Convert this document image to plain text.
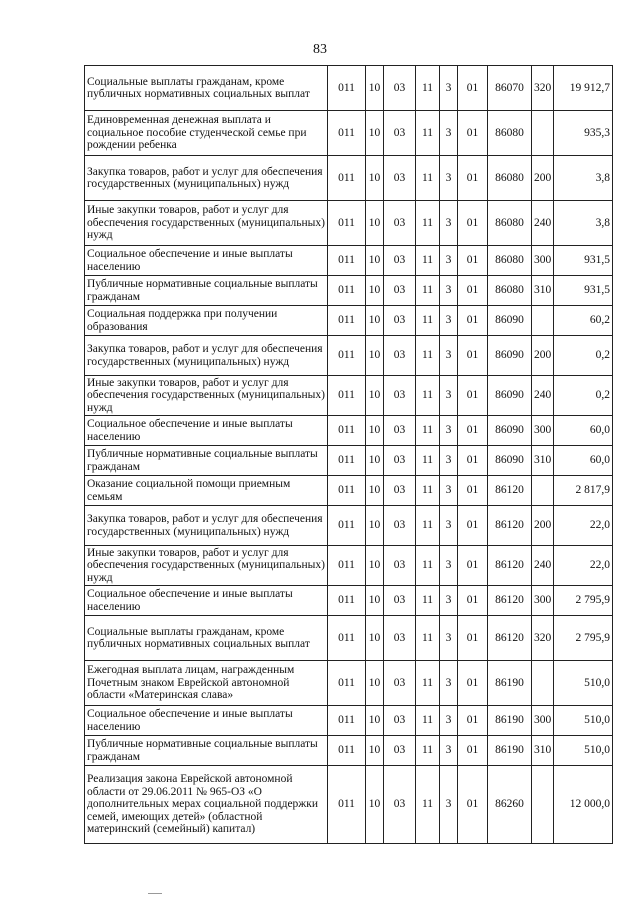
83
Социальные выплаты гражданам, кроме публичных нормативных социальных выплат	011	10	03	11	3	01	86070	320	19 912,7
Единовременная денежная выплата и социальное пособие студенческой семье при рождении ребенка	011	10	03	11	3	01	86080		935,3
Закупка товаров, работ и услуг для обеспечения государственных (муниципальных) нужд	011	10	03	11	3	01	86080	200	3,8
Иные закупки товаров, работ и услуг для обеспечения государственных (муниципальных) нужд	011	10	03	11	3	01	86080	240	3,8
Социальное обеспечение и иные выплаты населению	011	10	03	11	3	01	86080	300	931,5
Публичные нормативные социальные выплаты гражданам	011	10	03	11	3	01	86080	310	931,5
Социальная поддержка при получении образования	011	10	03	11	3	01	86090		60,2
Закупка товаров, работ и услуг для обеспечения государственных (муниципальных) нужд	011	10	03	11	3	01	86090	200	0,2
Иные закупки товаров, работ и услуг для обеспечения государственных (муниципальных) нужд	011	10	03	11	3	01	86090	240	0,2
Социальное обеспечение и иные выплаты населению	011	10	03	11	3	01	86090	300	60,0
Публичные нормативные социальные выплаты гражданам	011	10	03	11	3	01	86090	310	60,0
Оказание социальной помощи приемным семьям	011	10	03	11	3	01	86120		2 817,9
Закупка товаров, работ и услуг для обеспечения государственных (муниципальных) нужд	011	10	03	11	3	01	86120	200	22,0
Иные закупки товаров, работ и услуг для обеспечения государственных (муниципальных) нужд	011	10	03	11	3	01	86120	240	22,0
Социальное обеспечение и иные выплаты населению	011	10	03	11	3	01	86120	300	2 795,9
Социальные выплаты гражданам, кроме публичных нормативных социальных выплат	011	10	03	11	3	01	86120	320	2 795,9
Ежегодная выплата лицам, награжденным Почетным знаком Еврейской автономной области «Материнская слава»	011	10	03	11	3	01	86190		510,0
Социальное обеспечение и иные выплаты населению	011	10	03	11	3	01	86190	300	510,0
Публичные нормативные социальные выплаты гражданам	011	10	03	11	3	01	86190	310	510,0
Реализация закона Еврейской автономной области от 29.06.2011 № 965-ОЗ «О дополнительных мерах социальной поддержки семей, имеющих детей» (областной материнский (семейный) капитал)	011	10	03	11	3	01	86260		12 000,0
